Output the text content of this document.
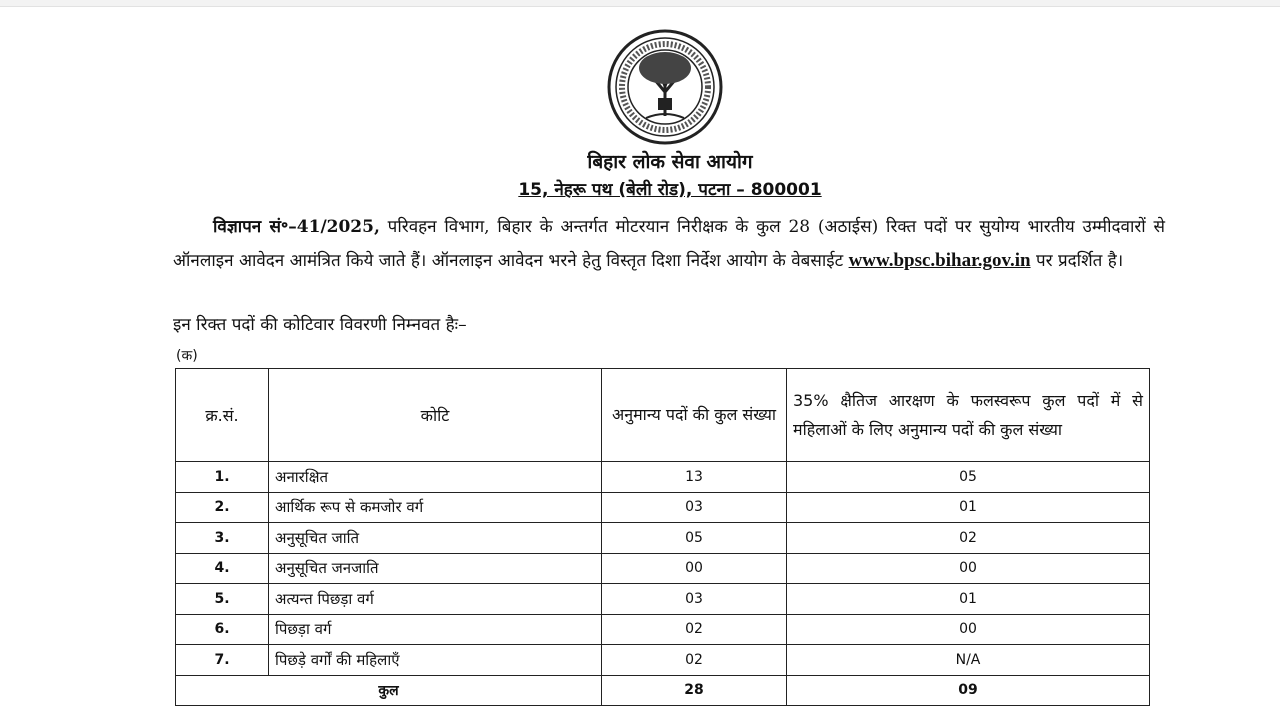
बिहार लोक सेवा आयोग
15, नेहरू पथ (बेली रोड), पटना – 800001
विज्ञापन सं॰–41/2025, परिवहन विभाग, बिहार के अन्तर्गत मोटरयान निरीक्षक के कुल 28 (अठाईस) रिक्त पदों पर सुयोग्य भारतीय उम्मीदवारों से ऑनलाइन आवेदन आमंत्रित किये जाते हैं। ऑनलाइन आवेदन भरने हेतु विस्तृत दिशा निर्देश आयोग के वेबसाईट www.bpsc.bihar.gov.in पर प्रदर्शित है।
इन रिक्त पदों की कोटिवार विवरणी निम्नवत हैः–
(क)
क्र.सं.	कोटि	अनुमान्य पदों की कुल संख्या	35% क्षैतिज आरक्षण के फलस्वरूप कुल पदों में से महिलाओं के लिए अनुमान्य पदों की कुल संख्या
1.	अनारक्षित	13	05
2.	आर्थिक रूप से कमजोर वर्ग	03	01
3.	अनुसूचित जाति	05	02
4.	अनुसूचित जनजाति	00	00
5.	अत्यन्त पिछड़ा वर्ग	03	01
6.	पिछड़ा वर्ग	02	00
7.	पिछड़े वर्गों की महिलाएँ	02	N/A
कुल		28	09
